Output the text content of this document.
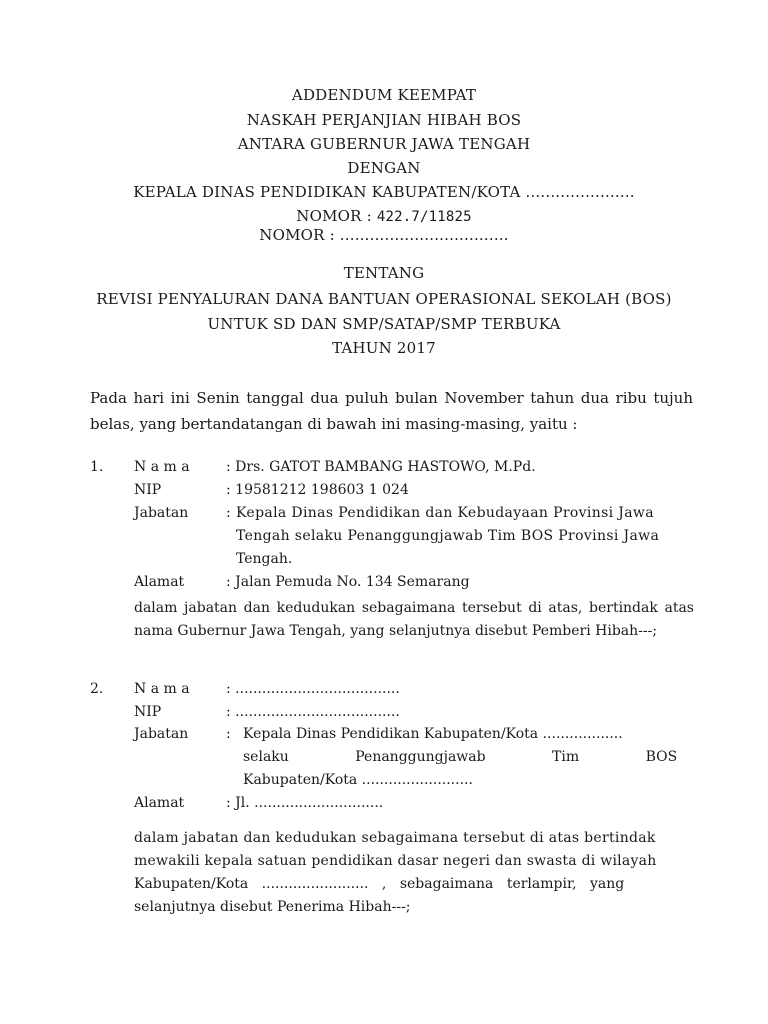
ADDENDUM KEEMPAT
NASKAH PERJANJIAN HIBAH BOS
ANTARA GUBERNUR JAWA TENGAH
DENGAN
KEPALA DINAS PENDIDIKAN KABUPATEN/KOTA ......................
NOMOR : 422.7/11825
NOMOR : ..................................
TENTANG
REVISI PENYALURAN DANA BANTUAN OPERASIONAL SEKOLAH (BOS)
UNTUK SD DAN SMP/SATAP/SMP TERBUKA
TAHUN 2017
Pada hari ini Senin tanggal dua puluh bulan November tahun dua ribu tujuh belas, yang bertandatangan di bawah ini masing-masing, yaitu :
1. N a m a	: Drs. GATOT BAMBANG HASTOWO, M.Pd.
NIP	: 19581212 198603 1 024
Jabatan	: Kepala Dinas Pendidikan dan Kebudayaan Provinsi Jawa
Tengah selaku Penanggungjawab Tim BOS Provinsi Jawa
Tengah.
Alamat	: Jalan Pemuda No. 134 Semarang
dalam jabatan dan kedudukan sebagaimana tersebut di atas, bertindak atas nama Gubernur Jawa Tengah, yang selanjutnya disebut Pemberi Hibah---;
2. N a m a	: .....................................
NIP	: .....................................
Jabatan	: Kepala Dinas Pendidikan Kabupaten/Kota ..................
selaku Penanggungjawab Tim BOS
Kabupaten/Kota .........................
Alamat	: Jl. .............................
dalam jabatan dan kedudukan sebagaimana tersebut di atas bertindak
mewakili kepala satuan pendidikan dasar negeri dan swasta di wilayah
Kabupaten/Kota ........................ , sebagaimana terlampir, yang
selanjutnya disebut Penerima Hibah---;
